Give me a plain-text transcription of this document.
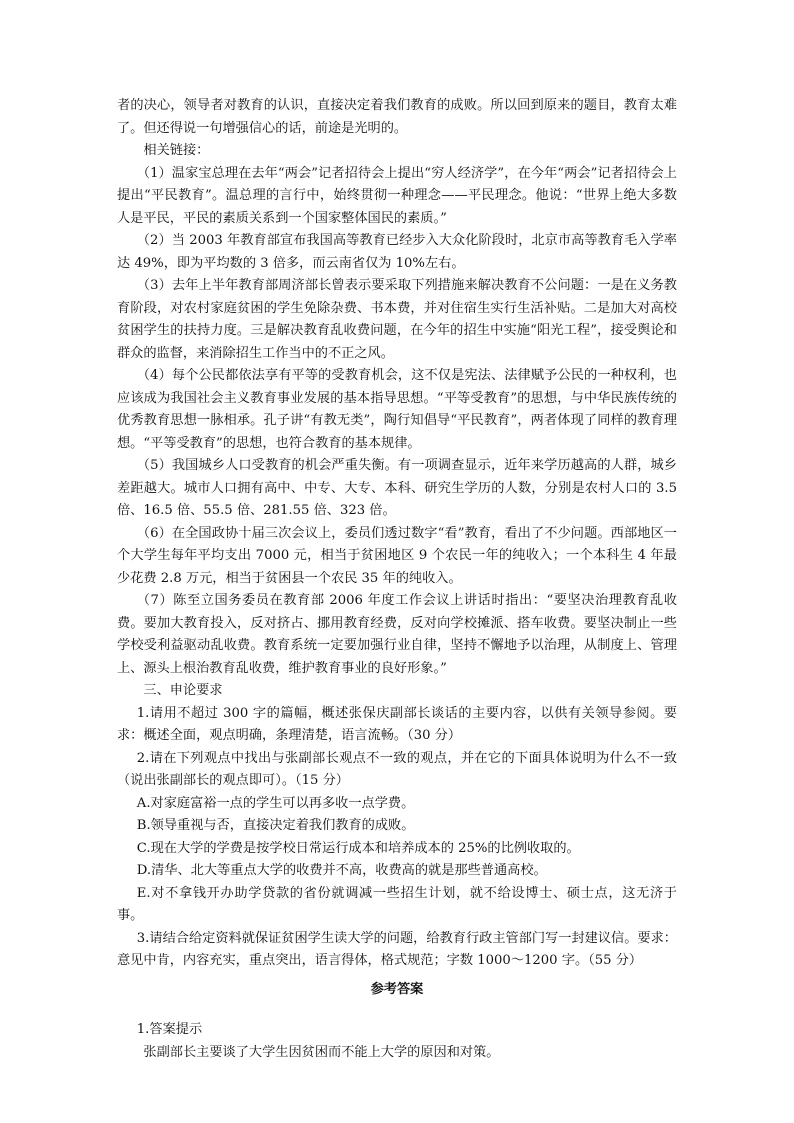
者的决心，领导者对教育的认识，直接决定着我们教育的成败。所以回到原来的题目，教育太难了。但还得说一句增强信心的话，前途是光明的。

相关链接：

（1）温家宝总理在去年“两会”记者招待会上提出“穷人经济学”，在今年“两会”记者招待会上提出“平民教育”。温总理的言行中，始终贯彻一种理念——平民理念。他说：“世界上绝大多数人是平民，平民的素质关系到一个国家整体国民的素质。”

（2）当 2003 年教育部宣布我国高等教育已经步入大众化阶段时，北京市高等教育毛入学率达 49%，即为平均数的 3 倍多，而云南省仅为 10%左右。

（3）去年上半年教育部周济部长曾表示要采取下列措施来解决教育不公问题：一是在义务教育阶段，对农村家庭贫困的学生免除杂费、书本费，并对住宿生实行生活补贴。二是加大对高校贫困学生的扶持力度。三是解决教育乱收费问题，在今年的招生中实施“阳光工程”，接受舆论和群众的监督，来消除招生工作当中的不正之风。

（4）每个公民都依法享有平等的受教育机会，这不仅是宪法、法律赋予公民的一种权利，也应该成为我国社会主义教育事业发展的基本指导思想。“平等受教育”的思想，与中华民族传统的优秀教育思想一脉相承。孔子讲“有教无类”，陶行知倡导“平民教育”，两者体现了同样的教育理想。“平等受教育”的思想，也符合教育的基本规律。

（5）我国城乡人口受教育的机会严重失衡。有一项调查显示，近年来学历越高的人群，城乡差距越大。城市人口拥有高中、中专、大专、本科、研究生学历的人数，分别是农村人口的 3.5 倍、16.5 倍、55.5 倍、281.55 倍、323 倍。

（6）在全国政协十届三次会议上，委员们透过数字“看”教育，看出了不少问题。西部地区一个大学生每年平均支出 7000 元，相当于贫困地区 9 个农民一年的纯收入；一个本科生 4 年最少花费 2.8 万元，相当于贫困县一个农民 35 年的纯收入。

（7）陈至立国务委员在教育部 2006 年度工作会议上讲话时指出：“要坚决治理教育乱收费。要加大教育投入，反对挤占、挪用教育经费，反对向学校摊派、搭车收费。要坚决制止一些学校受利益驱动乱收费。教育系统一定要加强行业自律，坚持不懈地予以治理，从制度上、管理上、源头上根治教育乱收费，维护教育事业的良好形象。”

三、申论要求

1.请用不超过 300 字的篇幅，概述张保庆副部长谈话的主要内容，以供有关领导参阅。要求：概述全面，观点明确，条理清楚，语言流畅。（30 分）

2.请在下列观点中找出与张副部长观点不一致的观点，并在它的下面具体说明为什么不一致（说出张副部长的观点即可）。（15 分）

A.对家庭富裕一点的学生可以再多收一点学费。

B.领导重视与否，直接决定着我们教育的成败。

C.现在大学的学费是按学校日常运行成本和培养成本的 25%的比例收取的。

D.清华、北大等重点大学的收费并不高，收费高的就是那些普通高校。

E.对不拿钱开办助学贷款的省份就调减一些招生计划，就不给设博士、硕士点，这无济于事。

3.请结合给定资料就保证贫困学生读大学的问题，给教育行政主管部门写一封建议信。要求：意见中肯，内容充实，重点突出，语言得体，格式规范；字数 1000～1200 字。（55 分）

参考答案

1.答案提示

张副部长主要谈了大学生因贫困而不能上大学的原因和对策。
